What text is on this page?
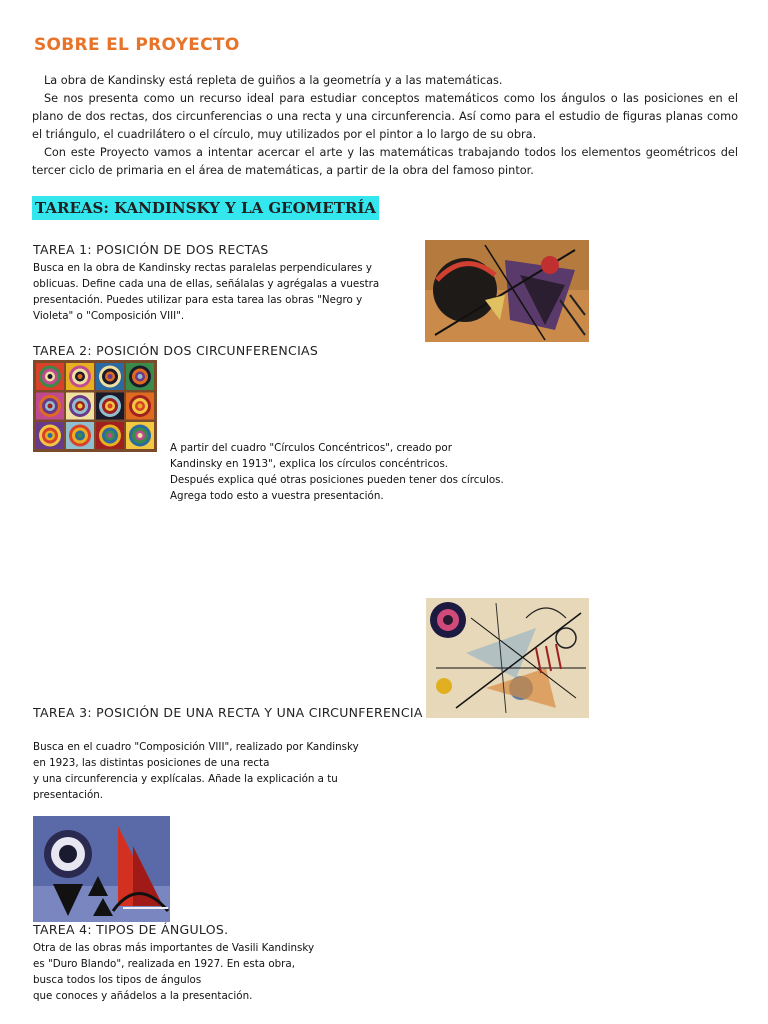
SOBRE EL PROYECTO

La obra de Kandinsky está repleta de guiños a la geometría y a las matemáticas.

Se nos presenta como un recurso ideal para estudiar conceptos matemáticos como los ángulos o las posiciones en el plano de dos rectas, dos circunferencias o una recta y una circunferencia. Así como para el estudio de figuras planas como el triángulo, el cuadrilátero o el círculo, muy utilizados por el pintor a lo largo de su obra.

Con este Proyecto vamos a intentar acercar el arte y las matemáticas trabajando todos los elementos geométricos del tercer ciclo de primaria en el área de matemáticas, a partir de la obra del famoso pintor.

TAREAS: KANDINSKY Y LA GEOMETRÍA
TAREA 1: POSICIÓN DE DOS RECTAS
Busca en la obra de Kandinsky rectas paralelas perpendiculares y
oblicuas. Define cada una de ellas, señálalas y agrégalas a vuestra
presentación. Puedes utilizar para esta tarea las obras "Negro y
Violeta" o "Composición VIII".
TAREA 2: POSICIÓN DOS CIRCUNFERENCIAS
A partir del cuadro "Círculos Concéntricos", creado por
Kandinsky en 1913", explica los círculos concéntricos.
Después explica qué otras posiciones pueden tener dos círculos.
Agrega todo esto a vuestra presentación.
TAREA 3: POSICIÓN DE UNA RECTA Y UNA CIRCUNFERENCIA
Busca en el cuadro "Composición VIII", realizado por Kandinsky
en 1923, las distintas posiciones de una recta
y una circunferencia y explícalas. Añade la explicación a tu
presentación.
TAREA 4: TIPOS DE ÁNGULOS.
Otra de las obras más importantes de Vasili Kandinsky
es "Duro Blando", realizada en 1927. En esta obra,
busca todos los tipos de ángulos
que conoces y añádelos a la presentación.
